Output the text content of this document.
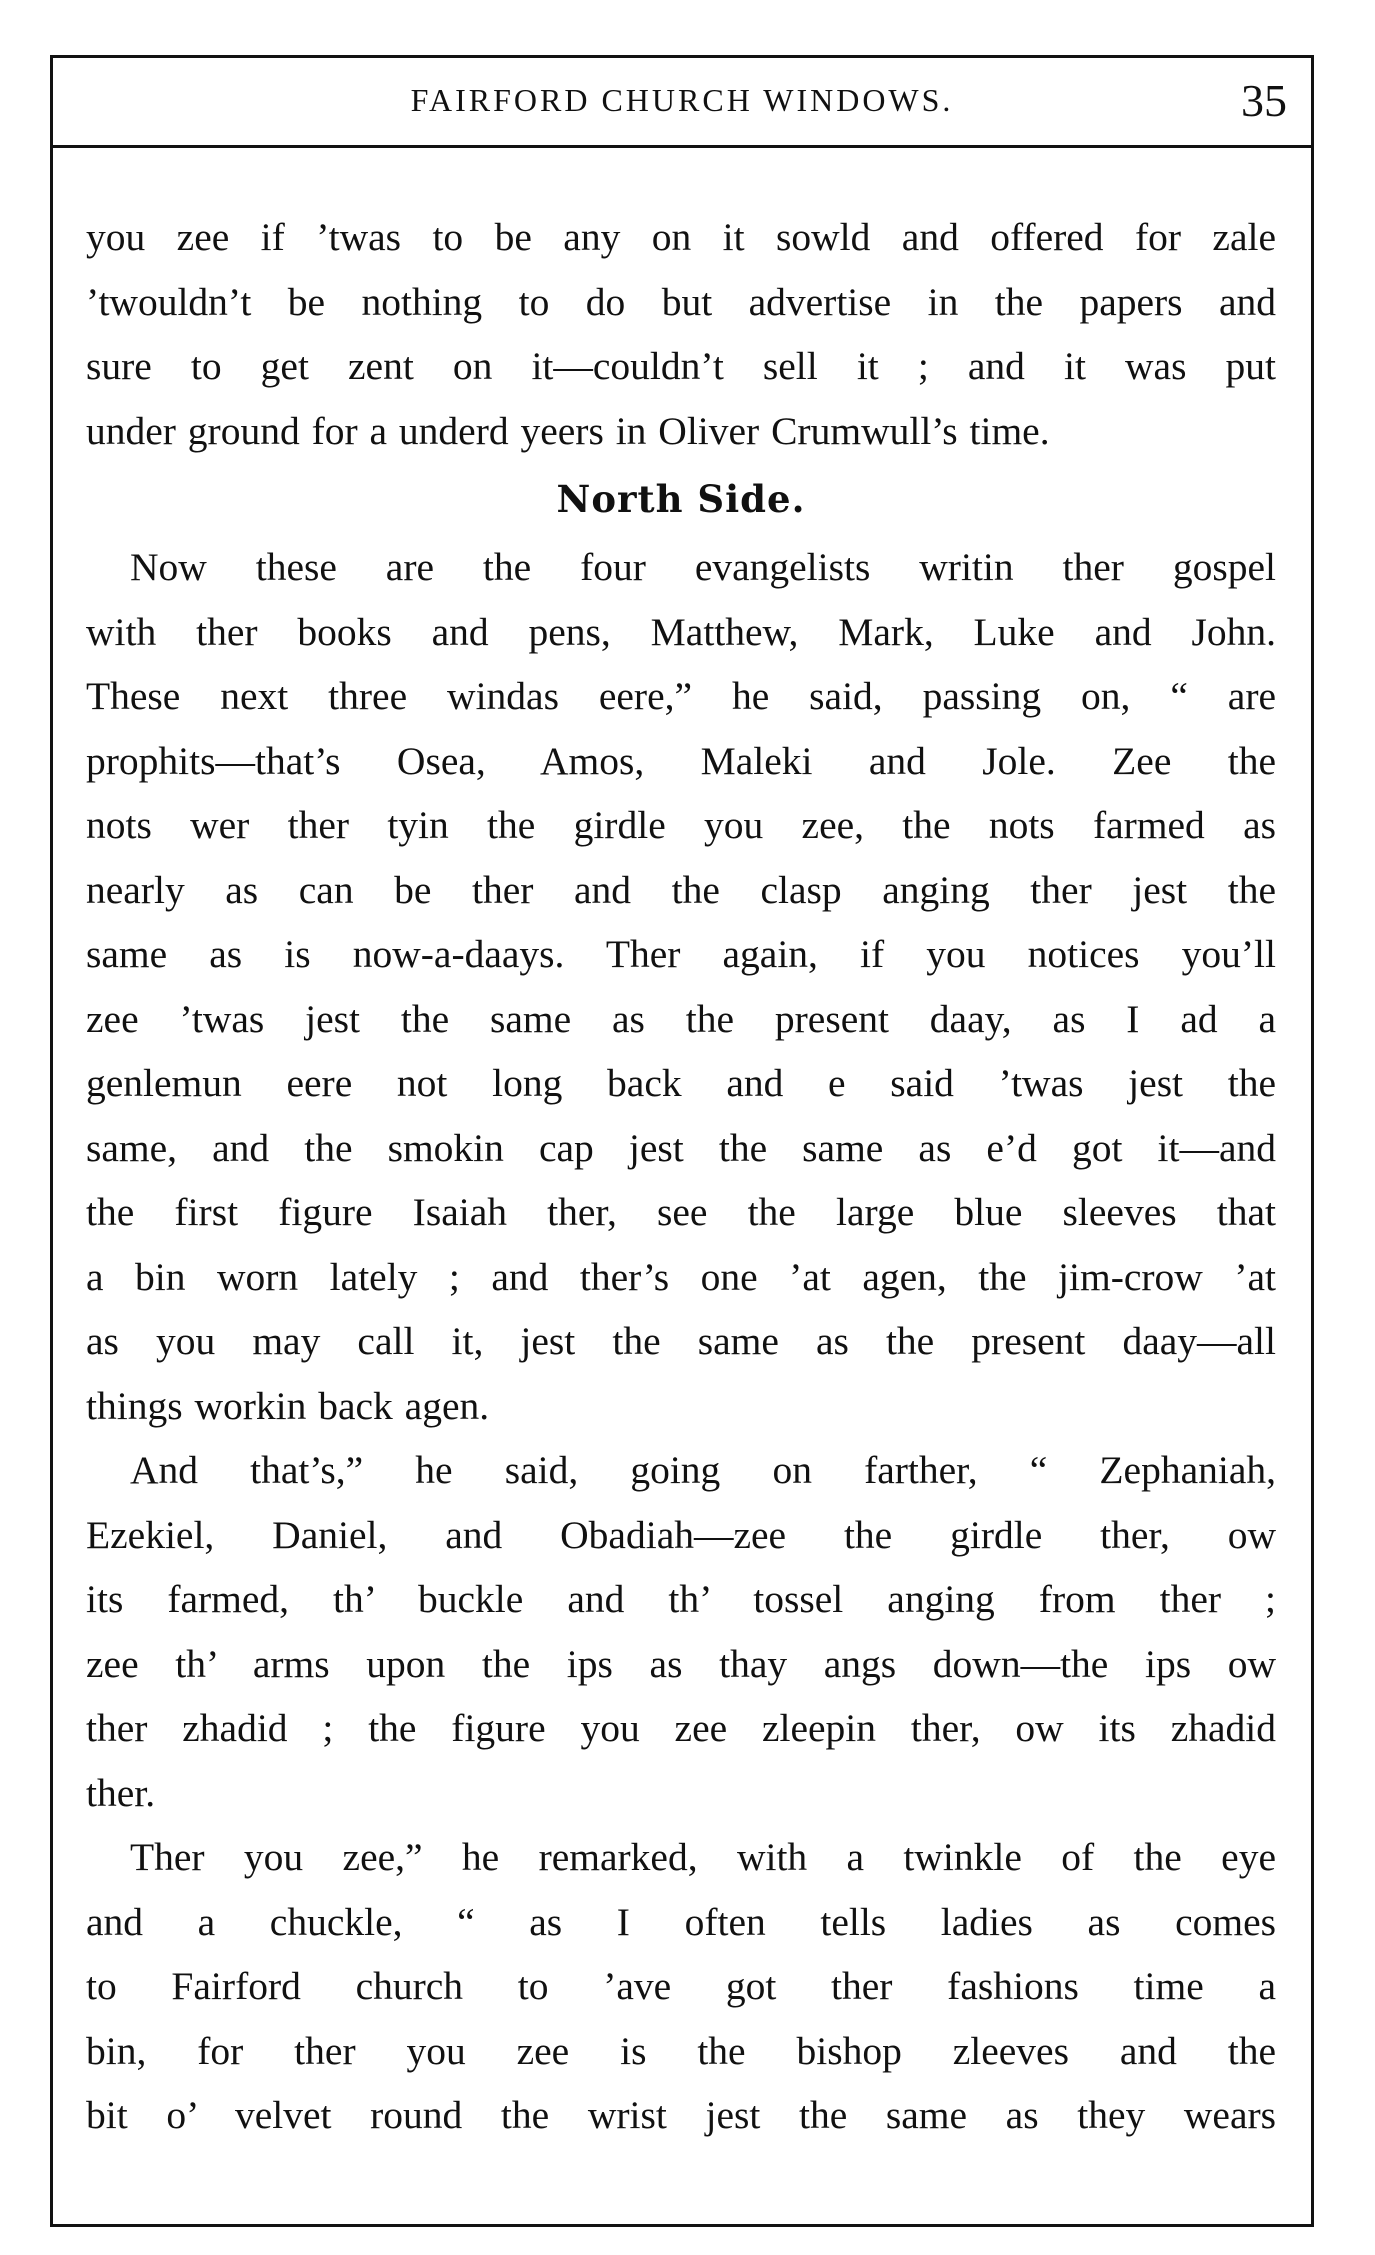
FAIRFORD CHURCH WINDOWS.	35

you zee if ’twas to be any on it sowld and offered for zale
’twouldn’t be nothing to do but advertise in the papers and
sure to get zent on it—couldn’t sell it ; and it was put
under ground for a underd yeers in Oliver Crumwull’s time.

North Side.

Now these are the four evangelists writin ther gospel
with ther books and pens, Matthew, Mark, Luke and John.
These next three windas eere,” he said, passing on, “ are
prophits—that’s Osea, Amos, Maleki and Jole. Zee the
nots wer ther tyin the girdle you zee, the nots farmed as
nearly as can be ther and the clasp anging ther jest the
same as is now-a-daays. Ther again, if you notices you’ll
zee ’twas jest the same as the present daay, as I ad a
genlemun eere not long back and e said ’twas jest the
same, and the smokin cap jest the same as e’d got it—and
the first figure Isaiah ther, see the large blue sleeves that
a bin worn lately ; and ther’s one ’at agen, the jim-crow ’at
as you may call it, jest the same as the present daay—all
things workin back agen.

And that’s,” he said, going on farther, “ Zephaniah,
Ezekiel, Daniel, and Obadiah—zee the girdle ther, ow
its farmed, th’ buckle and th’ tossel anging from ther ;
zee th’ arms upon the ips as thay angs down—the ips ow
ther zhadid ; the figure you zee zleepin ther, ow its zhadid
ther.

Ther you zee,” he remarked, with a twinkle of the eye
and a chuckle, “ as I often tells ladies as comes
to Fairford church to ’ave got ther fashions time a
bin, for ther you zee is the bishop zleeves and the
bit o’ velvet round the wrist jest the same as they wears
